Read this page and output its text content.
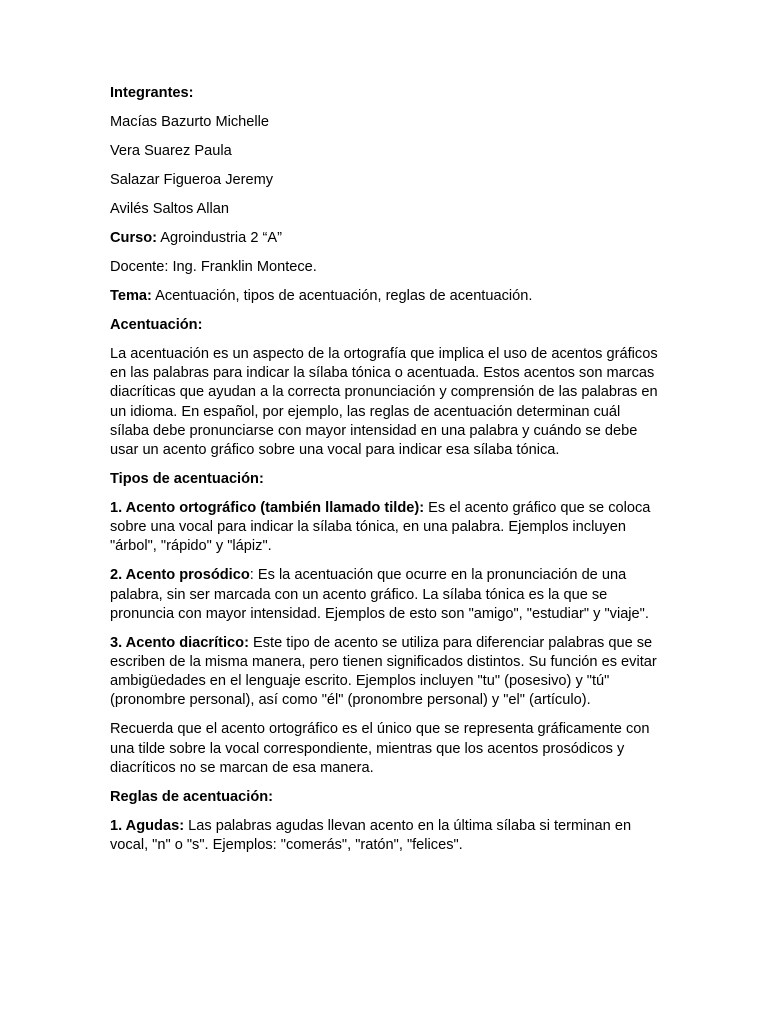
Integrantes:

Macías Bazurto Michelle

Vera Suarez Paula

Salazar Figueroa Jeremy

Avilés Saltos Allan

Curso: Agroindustria 2 “A”

Docente: Ing. Franklin Montece.

Tema: Acentuación, tipos de acentuación, reglas de acentuación.

Acentuación:

La acentuación es un aspecto de la ortografía que implica el uso de acentos gráficos en las palabras para indicar la sílaba tónica o acentuada. Estos acentos son marcas diacríticas que ayudan a la correcta pronunciación y comprensión de las palabras en un idioma. En español, por ejemplo, las reglas de acentuación determinan cuál sílaba debe pronunciarse con mayor intensidad en una palabra y cuándo se debe usar un acento gráfico sobre una vocal para indicar esa sílaba tónica.

Tipos de acentuación:

1. Acento ortográfico (también llamado tilde): Es el acento gráfico que se coloca sobre una vocal para indicar la sílaba tónica, en una palabra. Ejemplos incluyen "árbol", "rápido" y "lápiz".

2. Acento prosódico: Es la acentuación que ocurre en la pronunciación de una palabra, sin ser marcada con un acento gráfico. La sílaba tónica es la que se pronuncia con mayor intensidad. Ejemplos de esto son "amigo", "estudiar" y "viaje".

3. Acento diacrítico: Este tipo de acento se utiliza para diferenciar palabras que se escriben de la misma manera, pero tienen significados distintos. Su función es evitar ambigüedades en el lenguaje escrito. Ejemplos incluyen "tu" (posesivo) y "tú" (pronombre personal), así como "él" (pronombre personal) y "el" (artículo).

Recuerda que el acento ortográfico es el único que se representa gráficamente con una tilde sobre la vocal correspondiente, mientras que los acentos prosódicos y diacríticos no se marcan de esa manera.

Reglas de acentuación:

1. Agudas: Las palabras agudas llevan acento en la última sílaba si terminan en vocal, "n" o "s". Ejemplos: "comerás", "ratón", "felices".
